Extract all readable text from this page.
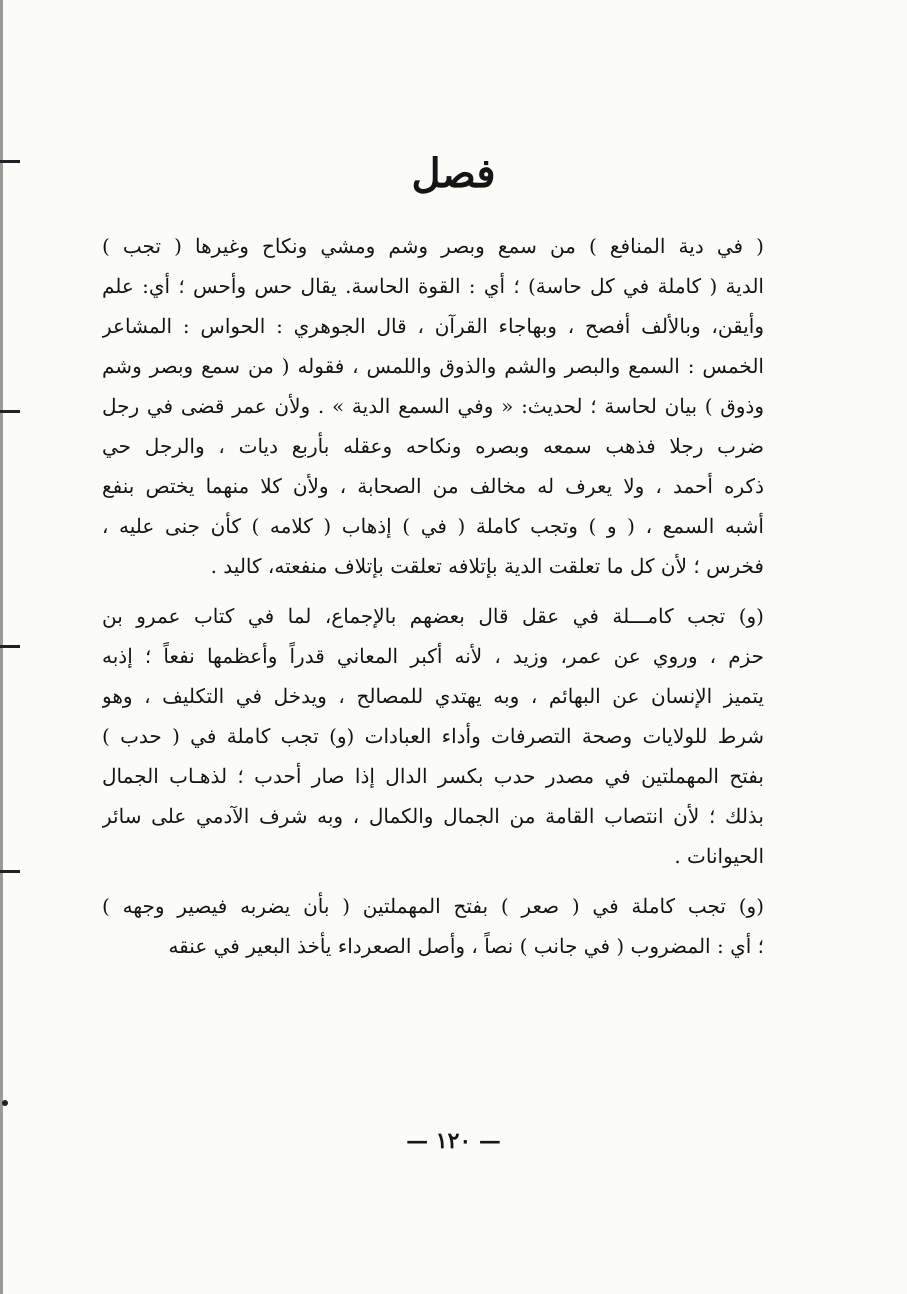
فصل
( في دية المنافع ) من سمع وبصر وشم ومشي ونكاح وغيرها ( تجب )
الدية ( كاملة في كل حاسة) ؛ أي : القوة الحاسة. يقال حس وأحس ؛ أي: علم
وأيقن، وبالألف أفصح ، وبهاجاء القرآن ، قال الجوهري : الحواس : المشاعر
الخمس : السمع والبصر والشم والذوق واللمس ، فقوله ( من سمع وبصر وشم
وذوق ) بيان لحاسة ؛ لحديث: « وفي السمع الدية » . ولأن عمر قضى في رجل
ضرب رجلا فذهب سمعه وبصره ونكاحه وعقله بأربع ديات ، والرجل حي
ذكره أحمد ، ولا يعرف له مخالف من الصحابة ، ولأن كلا منهما يختص بنفع
أشبه السمع ، ( و ) وتجب كاملة ( في ) إذهاب ( كلامه ) كأن جنى عليه ،
فخرس ؛ لأن كل ما تعلقت الدية بإتلافه تعلقت بإتلاف منفعته، كاليد .
(و) تجب كامـــلة في عقل قال بعضهم بالإجماع، لما في كتاب عمرو بن
حزم ، وروي عن عمر، وزيد ، لأنه أكبر المعاني قدراً وأعظمها نفعاً ؛ إذبه
يتميز الإنسان عن البهائم ، وبه يهتدي للمصالح ، ويدخل في التكليف ، وهو
شرط للولايات وصحة التصرفات وأداء العبادات (و) تجب كاملة في ( حدب )
بفتح المهملتين في مصدر حدب بكسر الدال إذا صار أحدب ؛ لذهـاب الجمال
بذلك ؛ لأن انتصاب القامة من الجمال والكمال ، وبه شرف الآدمي على سائر
الحيوانات .
(و) تجب كاملة في ( صعر ) بفتح المهملتين ( بأن يضربه فيصير وجهه )
؛ أي : المضروب ( في جانب ) نصاً ، وأصل الصعرداء يأخذ البعير في عنقه
— ١٢٠ —
